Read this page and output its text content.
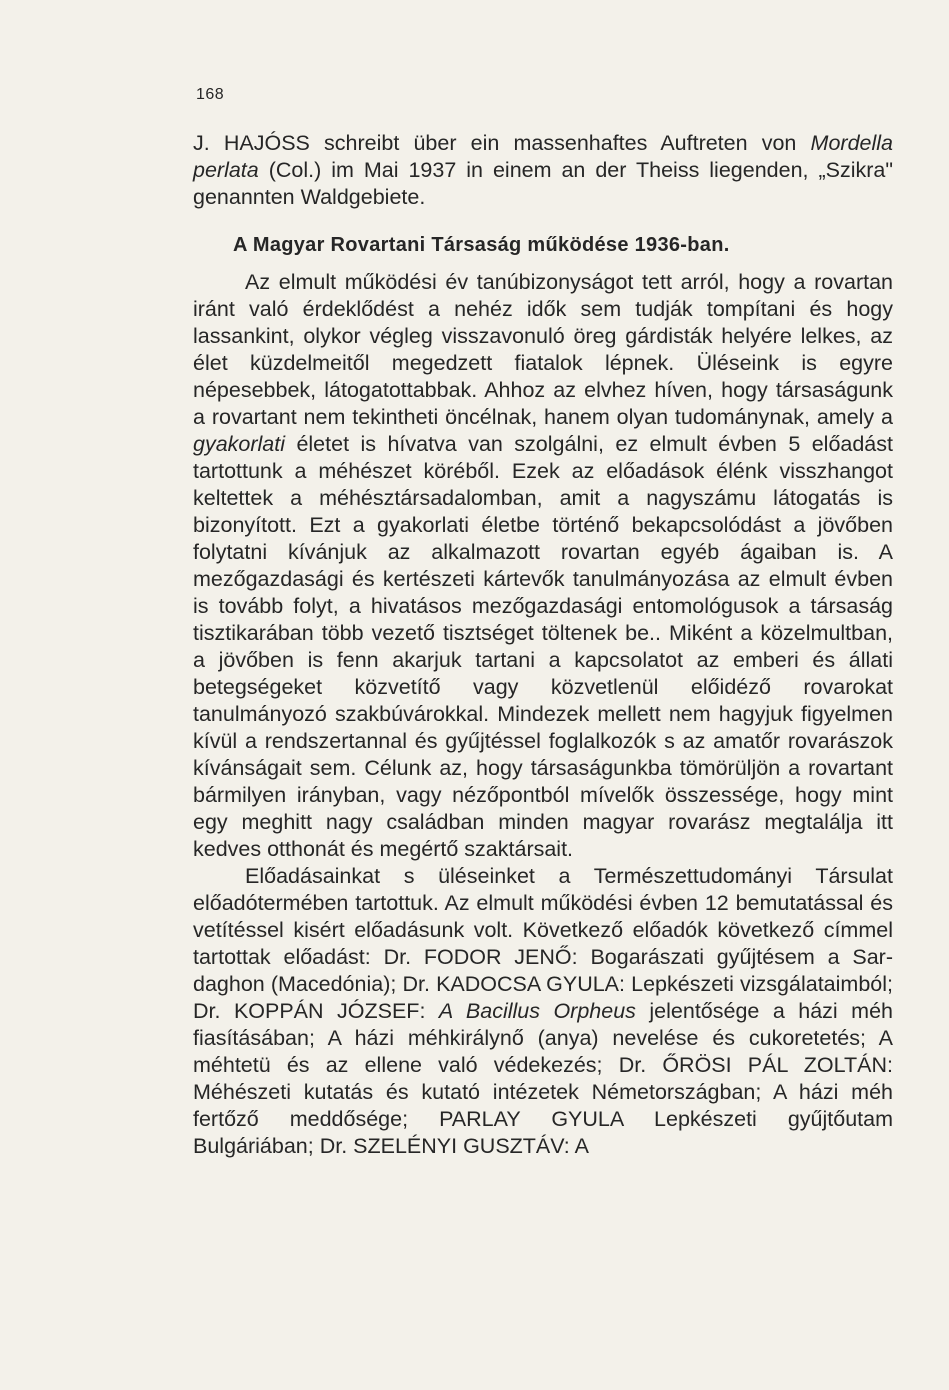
168

J. HAJÓSS schreibt über ein massenhaftes Auftreten von Mordella perlata (Col.) im Mai 1937 in einem an der Theiss liegenden, „Szikra" genannten Waldgebiete.

A Magyar Rovartani Társaság működése 1936-ban.

Az elmult működési év tanúbizonyságot tett arról, hogy a rovartan iránt való érdeklődést a nehéz idők sem tudják tompítani és hogy lassankint, olykor végleg visszavonuló öreg gárdisták helyére lelkes, az élet küzdelmeitől megedzett fiatalok lépnek. Üléseink is egyre népesebbek, látogatottabbak. Ahhoz az elvhez híven, hogy társaságunk a rovartant nem tekintheti öncélnak, hanem olyan tudománynak, amely a gyakorlati életet is hívatva van szolgálni, ez elmult évben 5 előadást tartottunk a méhészet köréből. Ezek az előadások élénk visszhangot keltettek a méhésztársadalomban, amit a nagyszámu látogatás is bizonyított. Ezt a gyakorlati életbe történő bekapcsolódást a jövőben folytatni kívánjuk az alkalmazott rovartan egyéb ágaiban is. A mezőgazdasági és kertészeti kártevők tanulmányozása az elmult évben is tovább folyt, a hivatásos mezőgazdasági entomológusok a társaság tisztikarában több vezető tisztséget töltenek be.. Miként a közelmultban, a jövőben is fenn akarjuk tartani a kapcsolatot az emberi és állati betegségeket közvetítő vagy közvetlenül előidéző rovarokat tanulmányozó szakbúvárokkal. Mindezek mellett nem hagyjuk figyelmen kívül a rendszertannal és gyűjtéssel foglalkozók s az amatőr rovarászok kívánságait sem. Célunk az, hogy társaságunkba tömörüljön a rovartant bármilyen irányban, vagy nézőpontból mívelők összessége, hogy mint egy meghitt nagy családban minden magyar rovarász megtalálja itt kedves otthonát és megértő szaktársait.

Előadásainkat s üléseinket a Természettudományi Társulat előadótermében tartottuk. Az elmult működési évben 12 bemutatással és vetítéssel kisért előadásunk volt. Következő előadók következő címmel tartottak előadást: Dr. FODOR JENŐ: Bogarászati gyűjtésem a Sar-daghon (Macedónia); Dr. KADOCSA GYULA: Lepkészeti vizsgálataimból; Dr. KOPPÁN JÓZSEF: A Bacillus Orpheus jelentősége a házi méh fiasításában; A házi méhkirálynő (anya) nevelése és cukoretetés; A méhtetü és az ellene való védekezés; Dr. ŐRÖSI PÁL ZOLTÁN: Méhészeti kutatás és kutató intézetek Németországban; A házi méh fertőző meddősége; PARLAY GYULA Lepkészeti gyűjtőutam Bulgáriában; Dr. SZELÉNYI GUSZTÁV: A
